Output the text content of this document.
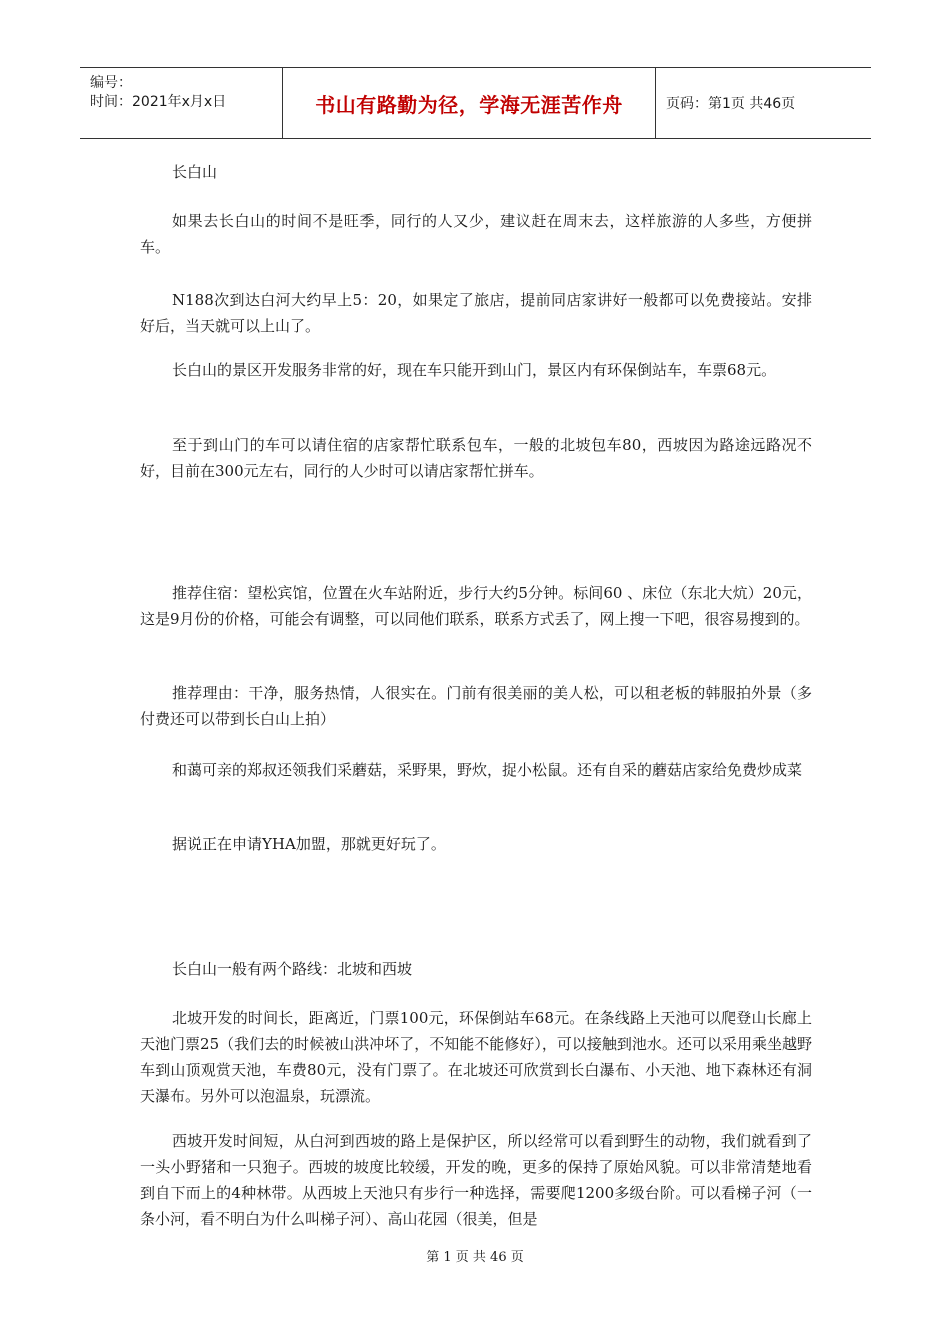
编号：
时间：2021年x月x日	书山有路勤为径，学海无涯苦作舟	页码：第1页 共46页

长白山

如果去长白山的时间不是旺季，同行的人又少，建议赶在周末去，这样旅游的人多些，方便拼车。

N188次到达白河大约早上5：20，如果定了旅店，提前同店家讲好一般都可以免费接站。安排好后，当天就可以上山了。

长白山的景区开发服务非常的好，现在车只能开到山门，景区内有环保倒站车，车票68元。

至于到山门的车可以请住宿的店家帮忙联系包车，一般的北坡包车80，西坡因为路途远路况不好，目前在300元左右，同行的人少时可以请店家帮忙拼车。

推荐住宿：望松宾馆，位置在火车站附近，步行大约5分钟。标间60 、床位（东北大炕）20元，这是9月份的价格，可能会有调整，可以同他们联系，联系方式丢了，网上搜一下吧，很容易搜到的。

推荐理由：干净，服务热情，人很实在。门前有很美丽的美人松，可以租老板的韩服拍外景（多付费还可以带到长白山上拍）

和蔼可亲的郑叔还领我们采蘑菇，采野果，野炊，捉小松鼠。还有自采的蘑菇店家给免费炒成菜

据说正在申请YHA加盟，那就更好玩了。

长白山一般有两个路线：北坡和西坡

北坡开发的时间长，距离近，门票100元，环保倒站车68元。在条线路上天池可以爬登山长廊上天池门票25（我们去的时候被山洪冲坏了，不知能不能修好），可以接触到池水。还可以采用乘坐越野车到山顶观赏天池，车费80元，没有门票了。在北坡还可欣赏到长白瀑布、小天池、地下森林还有洞天瀑布。另外可以泡温泉，玩漂流。

西坡开发时间短，从白河到西坡的路上是保护区，所以经常可以看到野生的动物，我们就看到了一头小野猪和一只狍子。西坡的坡度比较缓，开发的晚，更多的保持了原始风貌。可以非常清楚地看到自下而上的4种林带。从西坡上天池只有步行一种选择，需要爬1200多级台阶。可以看梯子河（一条小河，看不明白为什么叫梯子河）、高山花园（很美，但是

第 1 页 共 46 页
